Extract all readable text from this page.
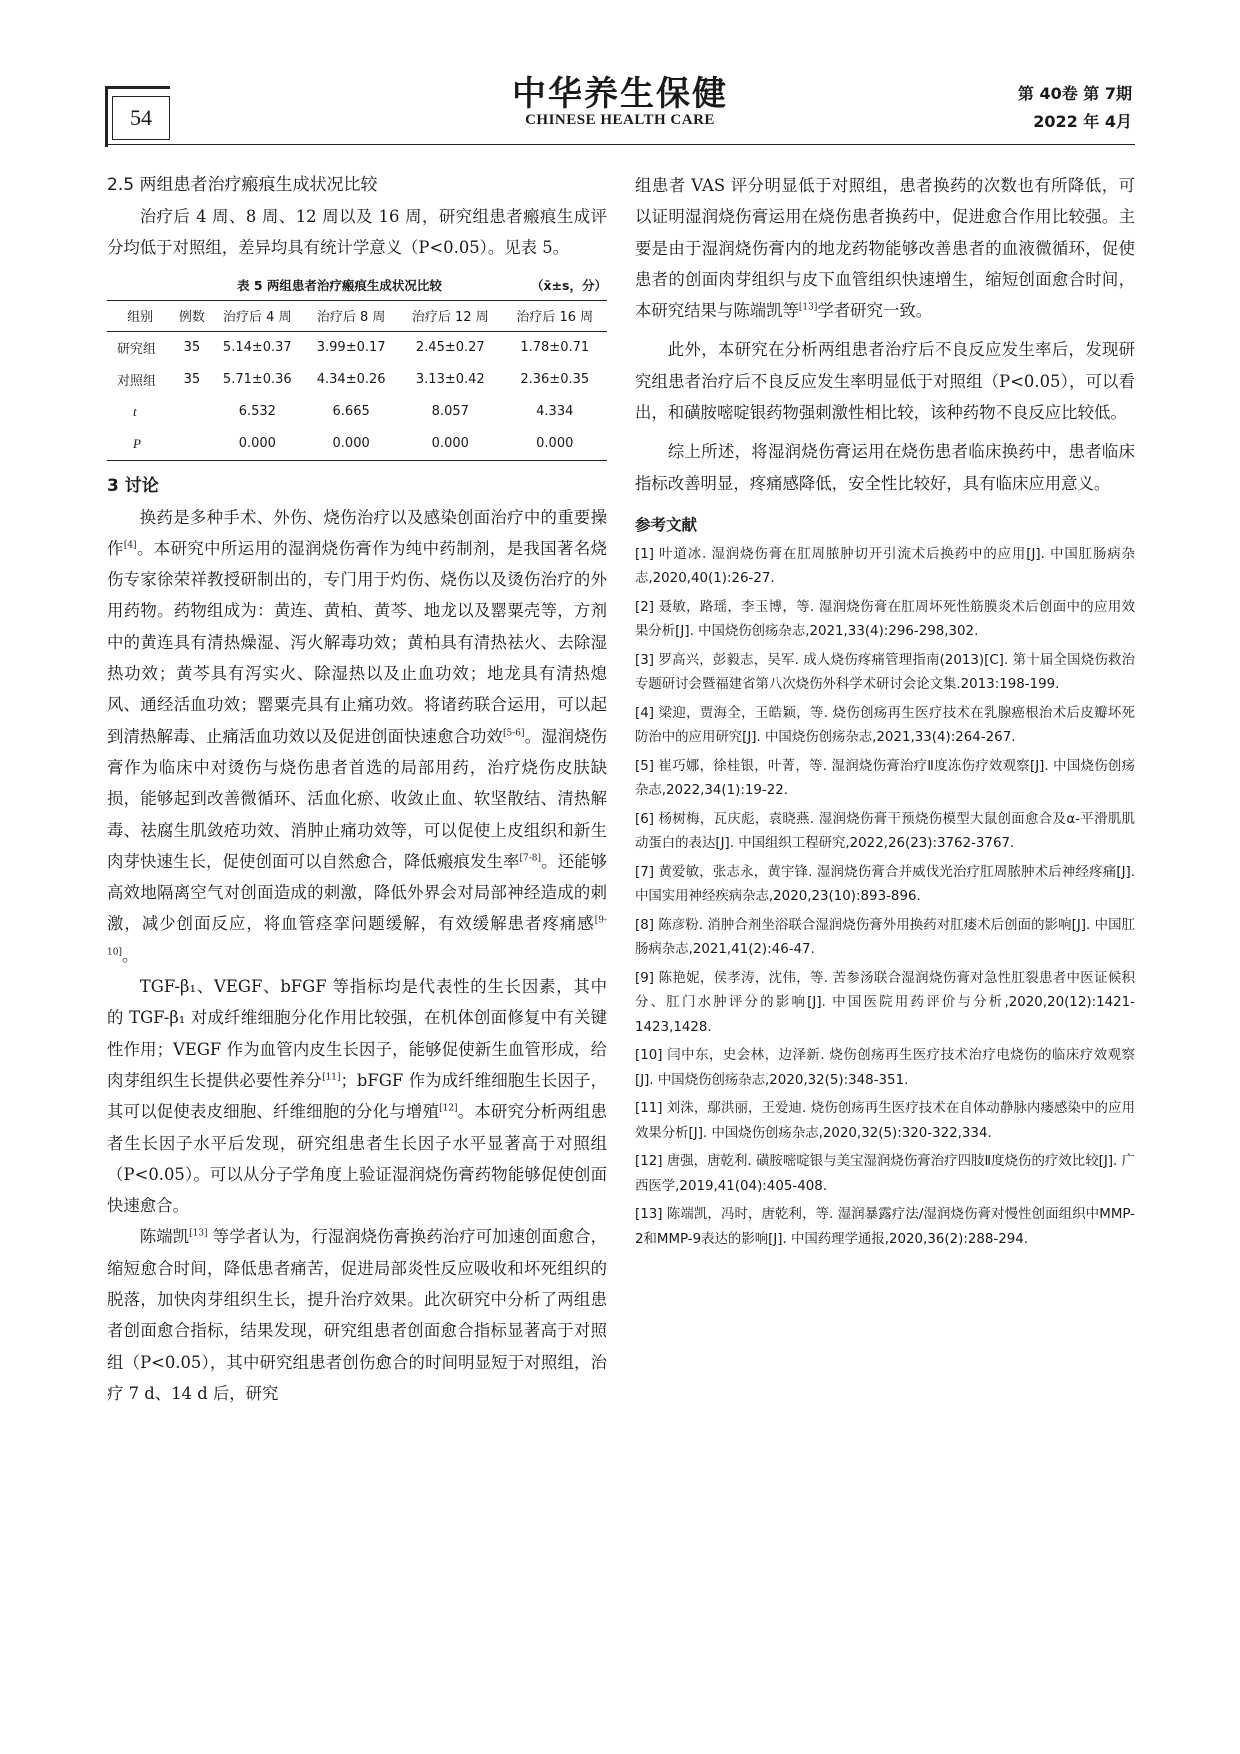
54
中华养生保健
CHINESE HEALTH CARE
第 40卷 第 7期
2022 年 4月

2.5 两组患者治疗瘢痕生成状况比较

治疗后 4 周、8 周、12 周以及 16 周，研究组患者瘢痕生成评分均低于对照组，差异均具有统计学意义（P<0.05）。见表 5。

表 5 两组患者治疗瘢痕生成状况比较	（x̄±s，分）
组别	例数	治疗后 4 周	治疗后 8 周	治疗后 12 周	治疗后 16 周
研究组	35	5.14±0.37	3.99±0.17	2.45±0.27	1.78±0.71
对照组	35	5.71±0.36	4.34±0.26	3.13±0.42	2.36±0.35
t		6.532	6.665	8.057	4.334
P		0.000	0.000	0.000	0.000

3 讨论

换药是多种手术、外伤、烧伤治疗以及感染创面治疗中的重要操作[4]。本研究中所运用的湿润烧伤膏作为纯中药制剂，是我国著名烧伤专家徐荣祥教授研制出的，专门用于灼伤、烧伤以及烫伤治疗的外用药物。药物组成为：黄连、黄柏、黄芩、地龙以及罂粟壳等，方剂中的黄连具有清热燥湿、泻火解毒功效；黄柏具有清热祛火、去除湿热功效；黄芩具有泻实火、除湿热以及止血功效；地龙具有清热熄风、通经活血功效；罂粟壳具有止痛功效。将诸药联合运用，可以起到清热解毒、止痛活血功效以及促进创面快速愈合功效[5-6]。湿润烧伤膏作为临床中对烫伤与烧伤患者首选的局部用药，治疗烧伤皮肤缺损，能够起到改善微循环、活血化瘀、收敛止血、软坚散结、清热解毒、祛腐生肌敛疮功效、消肿止痛功效等，可以促使上皮组织和新生肉芽快速生长，促使创面可以自然愈合，降低瘢痕发生率[7-8]。还能够高效地隔离空气对创面造成的刺激，降低外界会对局部神经造成的刺激，减少创面反应，将血管痉挛问题缓解，有效缓解患者疼痛感[9-10]。

TGF-β₁、VEGF、bFGF 等指标均是代表性的生长因素，其中的 TGF-β₁ 对成纤维细胞分化作用比较强，在机体创面修复中有关键性作用；VEGF 作为血管内皮生长因子，能够促使新生血管形成，给肉芽组织生长提供必要性养分[11]；bFGF 作为成纤维细胞生长因子，其可以促使表皮细胞、纤维细胞的分化与增殖[12]。本研究分析两组患者生长因子水平后发现，研究组患者生长因子水平显著高于对照组（P<0.05）。可以从分子学角度上验证湿润烧伤膏药物能够促使创面快速愈合。

陈端凯[13] 等学者认为，行湿润烧伤膏换药治疗可加速创面愈合，缩短愈合时间，降低患者痛苦，促进局部炎性反应吸收和坏死组织的脱落，加快肉芽组织生长，提升治疗效果。此次研究中分析了两组患者创面愈合指标，结果发现，研究组患者创面愈合指标显著高于对照组（P<0.05），其中研究组患者创伤愈合的时间明显短于对照组，治疗 7 d、14 d 后，研究

组患者 VAS 评分明显低于对照组，患者换药的次数也有所降低，可以证明湿润烧伤膏运用在烧伤患者换药中，促进愈合作用比较强。主要是由于湿润烧伤膏内的地龙药物能够改善患者的血液微循环，促使患者的创面肉芽组织与皮下血管组织快速增生，缩短创面愈合时间，本研究结果与陈端凯等[13]学者研究一致。

此外，本研究在分析两组患者治疗后不良反应发生率后，发现研究组患者治疗后不良反应发生率明显低于对照组（P<0.05），可以看出，和磺胺嘧啶银药物强刺激性相比较，该种药物不良反应比较低。

综上所述，将湿润烧伤膏运用在烧伤患者临床换药中，患者临床指标改善明显，疼痛感降低，安全性比较好，具有临床应用意义。

参考文献

[1] 叶道冰. 湿润烧伤膏在肛周脓肿切开引流术后换药中的应用[J]. 中国肛肠病杂志,2020,40(1):26-27.

[2] 聂敏，路瑶，李玉博，等. 湿润烧伤膏在肛周坏死性筋膜炎术后创面中的应用效果分析[J]. 中国烧伤创疡杂志,2021,33(4):296-298,302.

[3] 罗高兴，彭毅志，吴军. 成人烧伤疼痛管理指南(2013)[C]. 第十届全国烧伤救治专题研讨会暨福建省第八次烧伤外科学术研讨会论文集.2013:198-199.

[4] 梁迎，贾海全，王皓颖，等. 烧伤创疡再生医疗技术在乳腺癌根治术后皮瓣坏死防治中的应用研究[J]. 中国烧伤创疡杂志,2021,33(4):264-267.

[5] 崔巧娜，徐桂银，叶菁，等. 湿润烧伤膏治疗Ⅱ度冻伤疗效观察[J]. 中国烧伤创疡杂志,2022,34(1):19-22.

[6] 杨树梅，瓦庆彪，袁晓燕. 湿润烧伤膏干预烧伤模型大鼠创面愈合及α-平滑肌肌动蛋白的表达[J]. 中国组织工程研究,2022,26(23):3762-3767.

[7] 黄爱敏，张志永，黄宇锋. 湿润烧伤膏合并威伐光治疗肛周脓肿术后神经疼痛[J]. 中国实用神经疾病杂志,2020,23(10):893-896.

[8] 陈彦粉. 消肿合剂坐浴联合湿润烧伤膏外用换药对肛瘘术后创面的影响[J]. 中国肛肠病杂志,2021,41(2):46-47.

[9] 陈艳妮，侯孝涛，沈伟，等. 苦参汤联合湿润烧伤膏对急性肛裂患者中医证候积分、肛门水肿评分的影响[J]. 中国医院用药评价与分析,2020,20(12):1421-1423,1428.

[10] 闫中东，史会林，边泽新. 烧伤创疡再生医疗技术治疗电烧伤的临床疗效观察[J]. 中国烧伤创疡杂志,2020,32(5):348-351.

[11] 刘洙，鄢洪丽，王爱迪. 烧伤创疡再生医疗技术在自体动静脉内瘘感染中的应用效果分析[J]. 中国烧伤创疡杂志,2020,32(5):320-322,334.

[12] 唐强，唐乾利. 磺胺嘧啶银与美宝湿润烧伤膏治疗四肢Ⅱ度烧伤的疗效比较[J]. 广西医学,2019,41(04):405-408.

[13] 陈端凯，冯时，唐乾利，等. 湿润暴露疗法/湿润烧伤膏对慢性创面组织中MMP-2和MMP-9表达的影响[J]. 中国药理学通报,2020,36(2):288-294.
